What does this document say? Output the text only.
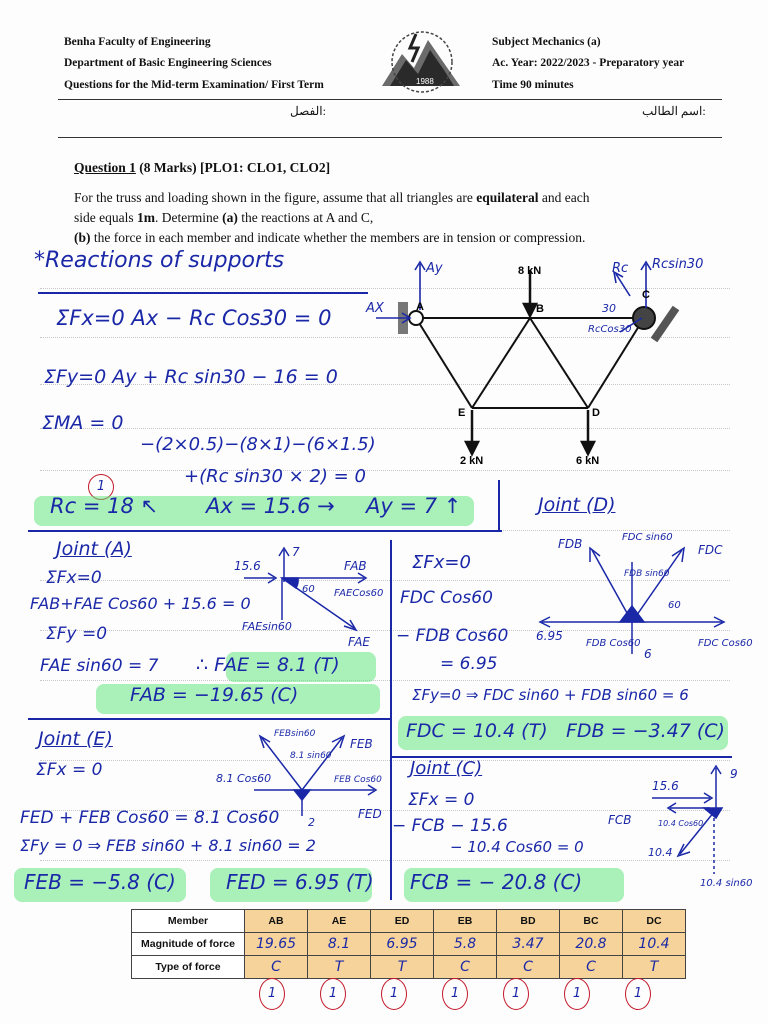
Benha Faculty of Engineering
Department of Basic Engineering Sciences
Questions for the Mid-term Examination/ First Term
Subject Mechanics (a)
Ac. Year: 2022/2023 - Preparatory year
Time 90 minutes
1988
اسم الطالب:
الفصل:
Question 1 (8 Marks) [PLO1: CLO1, CLO2]
For the truss and loading shown in the figure, assume that all triangles are equilateral and each
side equals 1m. Determine (a) the reactions at A and C,
(b) the force in each member and indicate whether the members are in tension or compression.
8 kN
2 kN	6 kN
A	B
C
D
E
Ay
AX
Rc Rcsin30
30
RcCos30
*Reactions of supports
ΣFx=0 Ax − Rc Cos30 = 0
ΣFy=0 Ay + Rc sin30 − 16 = 0
ΣMA = 0
−(2×0.5)−(8×1)−(6×1.5)
+(Rc sin30 × 2) = 0
1
Rc = 18 ↖ Ax = 15.6 → Ay = 7 ↑
Joint (A)
ΣFx=0
FAB+FAE Cos60 + 15.6 = 0
ΣFy =0
FAE sin60 = 7 ∴ FAE = 8.1 (T)
FAB = −19.65 (C)
15.6
7
FAB
60 FAECos60
FAEsin60
FAE
Joint (E)
ΣFx = 0
FED + FEB Cos60 = 8.1 Cos60
ΣFy = 0 ⇒ FEB sin60 + 8.1 sin60 = 2
FEB = −5.8 (C)	FED = 6.95 (T)
FEBsin60
8.1 sin60
FEB
8.1 Cos60	FEB Cos60
2
FED
Joint (D)
ΣFx=0
FDC Cos60
− FDB Cos60
= 6.95
ΣFy=0 ⇒ FDC sin60 + FDB sin60 = 6
FDC = 10.4 (T) FDB = −3.47 (C)
FDB	FDC sin60
FDC
FDB sin60
60
6.95
FDB Cos60
6
FDC Cos60
Joint (C)
ΣFx = 0
− FCB − 15.6
− 10.4 Cos60 = 0
FCB = − 20.8 (C)
15.6
9
FCB	10.4 Cos60
10.4
10.4 sin60
Member	AB	AE	ED	EB	BD	BC	DC
Magnitude of force	19.65	8.1	6.95	5.8	3.47	20.8	10.4
Type of force	C	T	T	C	C	C	T
1	1	1	1	1	1	1
